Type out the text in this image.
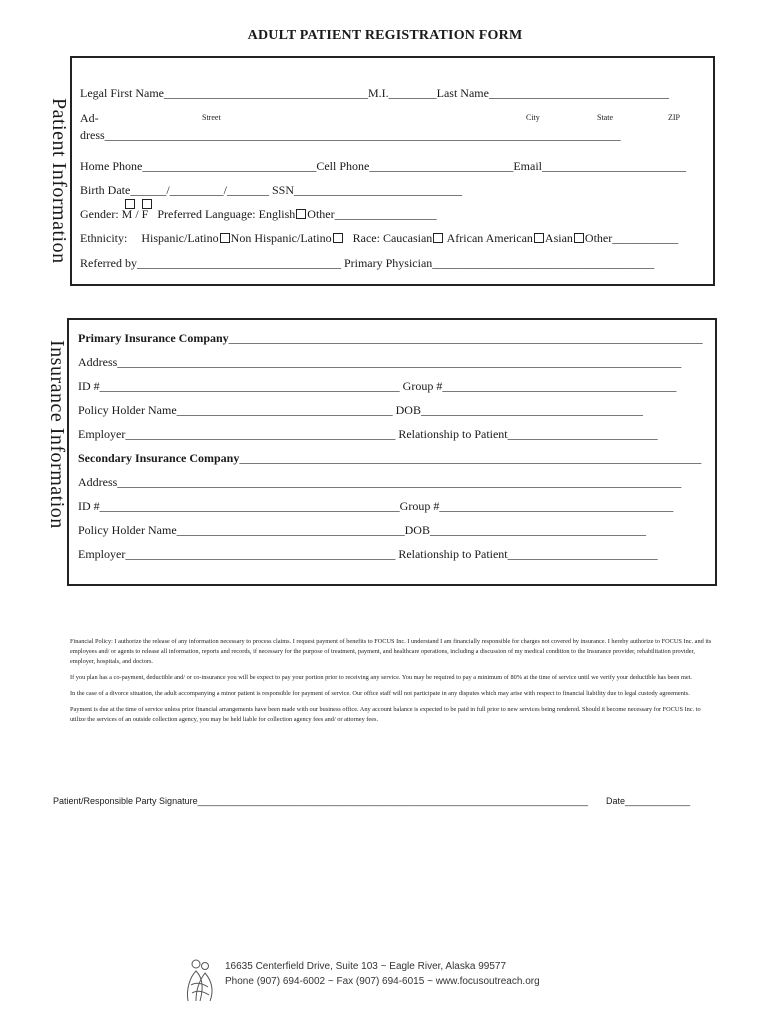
ADULT PATIENT REGISTRATION FORM
Patient Information
Legal First Name__________________________________M.I.________Last Name______________________________
Street	City	State	ZIP
Ad-
dress______________________________________________________________________________________
Home Phone_____________________________Cell Phone________________________Email________________________
Birth Date______/_________/_______ SSN____________________________
Gender: M / F Preferred Language: English Other_________________
Ethnicity: Hispanic/Latino Non Hispanic/Latino Race: Caucasian African American Asian Other___________
Referred by__________________________________ Primary Physician_____________________________________
Insurance Information
Primary Insurance Company_______________________________________________________________________________
Address______________________________________________________________________________________________
ID #__________________________________________________ Group #_______________________________________
Policy Holder Name____________________________________ DOB_____________________________________
Employer_____________________________________________ Relationship to Patient_________________________
Secondary Insurance Company_____________________________________________________________________________
Address______________________________________________________________________________________________
ID #__________________________________________________Group #_______________________________________
Policy Holder Name______________________________________DOB____________________________________
Employer_____________________________________________ Relationship to Patient_________________________

Financial Policy: I authorize the release of any information necessary to process claims. I request payment of benefits to FOCUS Inc. I understand I am financially responsible for charges not covered by insurance. I hereby authorize to FOCUS Inc. and its employees and/ or agents to release all information, reports and records, if necessary for the purpose of treatment, payment, and healthcare operations, including a discussion of my medical condition to the Insurance provider, rehabilitation provider, employer, hospitals, and doctors.

If you plan has a co-payment, deductible and/ or co-insurance you will be expect to pay your portion prior to receiving any service. You may be required to pay a minimum of 80% at the time of service until we verify your deductible has been met.

In the case of a divorce situation, the adult accompanying a minor patient is responsible for payment of service. Our office staff will not participate in any disputes which may arise with respect to financial liability due to legal custody agreements.

Payment is due at the time of service unless prior financial arrangements have been made with our business office. Any account balance is expected to be paid in full prior to new services being rendered. Should it become necessary for FOCUS Inc. to utilize the services of an outside collection agency, you may be held liable for collection agency fees and/ or attorney fees.

Patient/Responsible Party Signature______________________________________________________________________________ Date_____________
16635 Centerfield Drive, Suite 103 ~ Eagle River, Alaska 99577
Phone (907) 694-6002 ~ Fax (907) 694-6015 ~ www.focusoutreach.org
